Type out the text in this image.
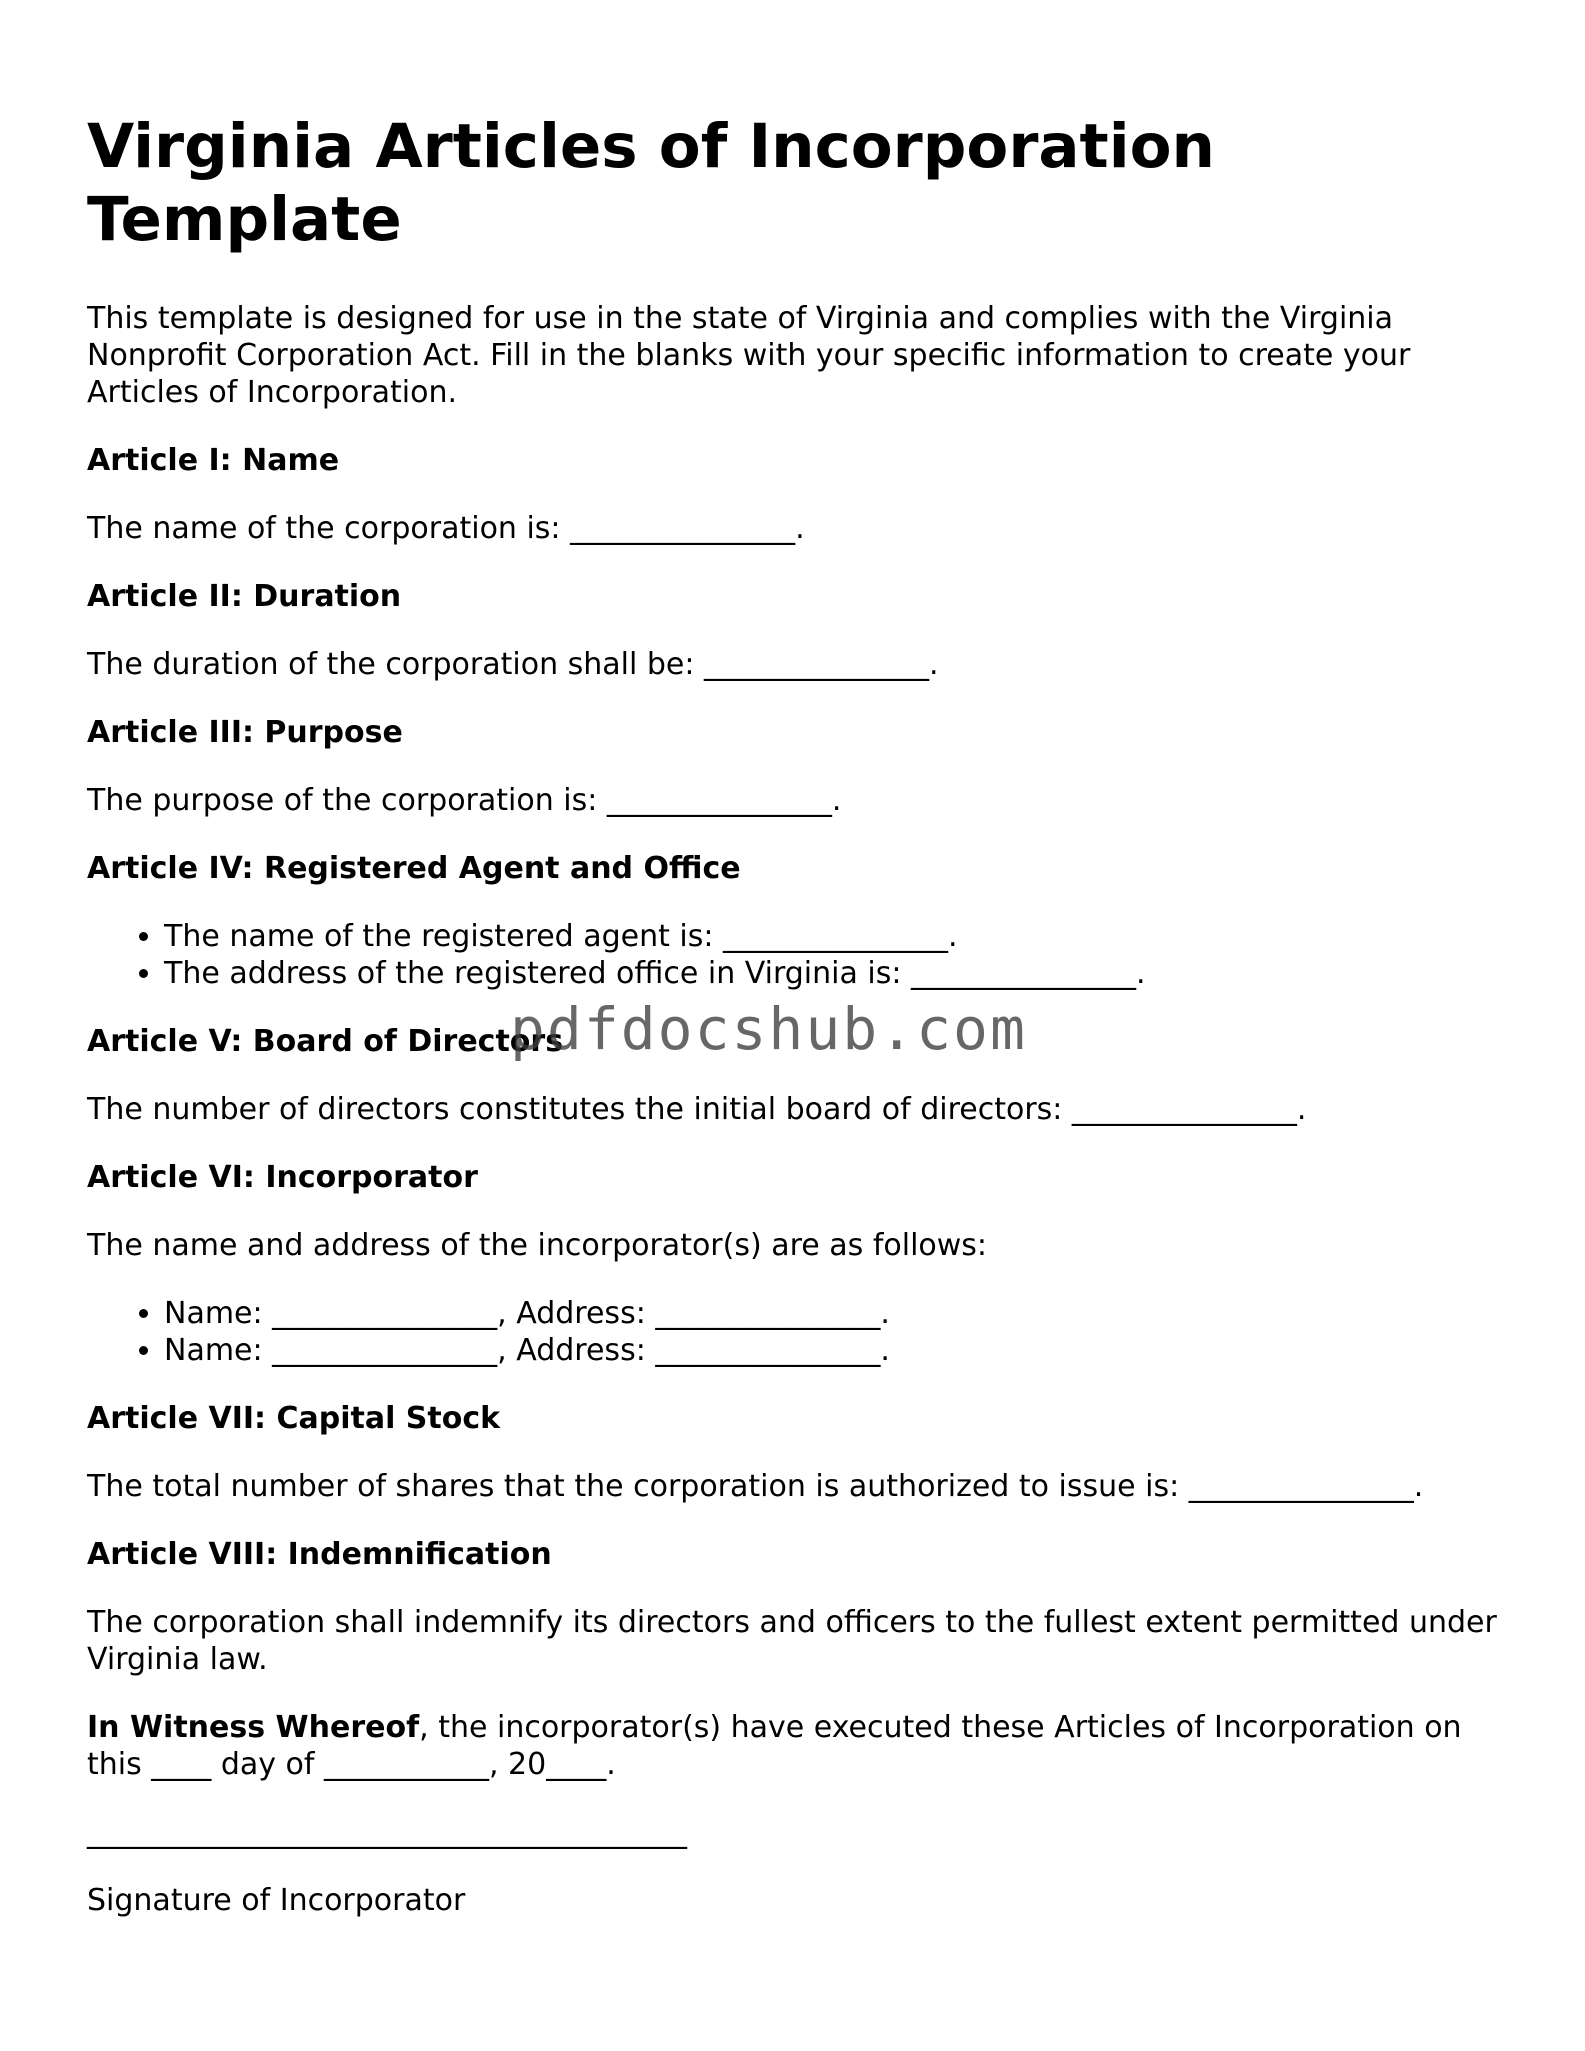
Virginia Articles of Incorporation Template

This template is designed for use in the state of Virginia and complies with the Virginia Nonprofit Corporation Act. Fill in the blanks with your specific information to create your Articles of Incorporation.

Article I: Name

The name of the corporation is: _______________.

Article II: Duration

The duration of the corporation shall be: _______________.

Article III: Purpose

The purpose of the corporation is: _______________.

Article IV: Registered Agent and Office
• The name of the registered agent is: _______________.
• The address of the registered office in Virginia is: _______________.
Article V: Board of Directors

The number of directors constitutes the initial board of directors: _______________.

Article VI: Incorporator

The name and address of the incorporator(s) are as follows:

• Name: _______________, Address: _______________.
• Name: _______________, Address: _______________.
Article VII: Capital Stock

The total number of shares that the corporation is authorized to issue is: _______________.

Article VIII: Indemnification

The corporation shall indemnify its directors and officers to the fullest extent permitted under Virginia law.

In Witness Whereof, the incorporator(s) have executed these Articles of Incorporation on this ____ day of ___________, 20____.

________________________________________

Signature of Incorporator

pdfdocshub.com
